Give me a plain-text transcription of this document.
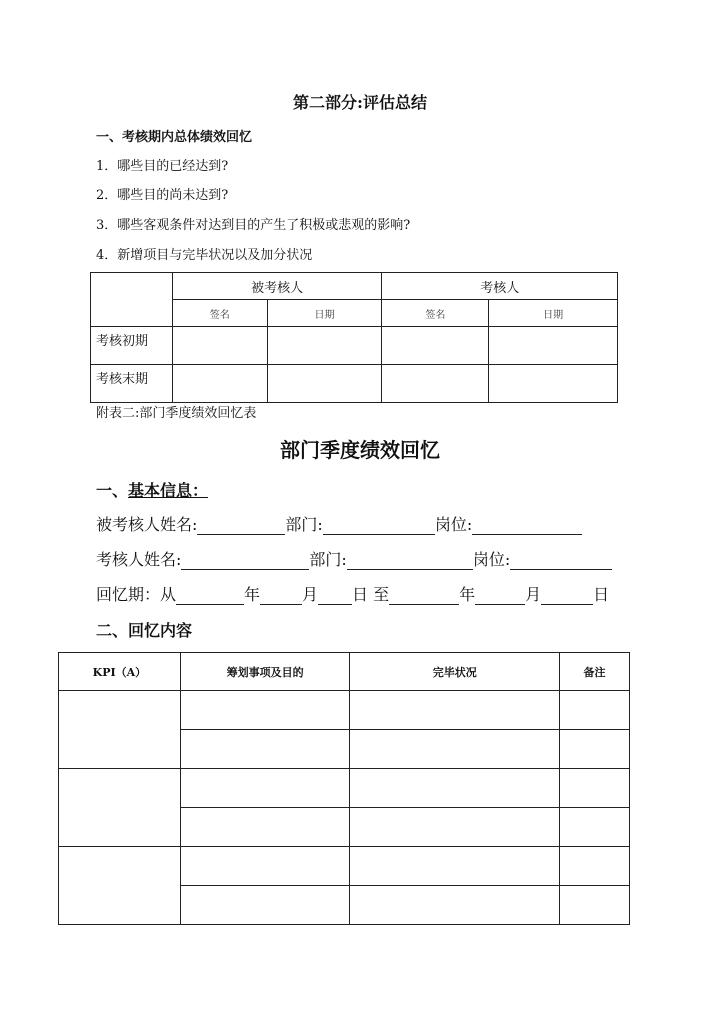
第二部分:评估总结
一、考核期内总体绩效回忆
1．哪些目的已经达到?
2．哪些目的尚未达到?
3．哪些客观条件对达到目的产生了积极或悲观的影响?
4．新增项目与完毕状况以及加分状况
	被考核人		考核人	
	签名	日期	签名	日期
考核初期				
考核末期				
附表二:部门季度绩效回忆表
部门季度绩效回忆
一、基本信息：
被考核人姓名:	部门:	岗位:
考核人姓名:	部门:	岗位:
回忆期：从	年	月 日 至	年	月	日
二、回忆内容
KPI（A）	筹划事项及目的	完毕状况	备注
